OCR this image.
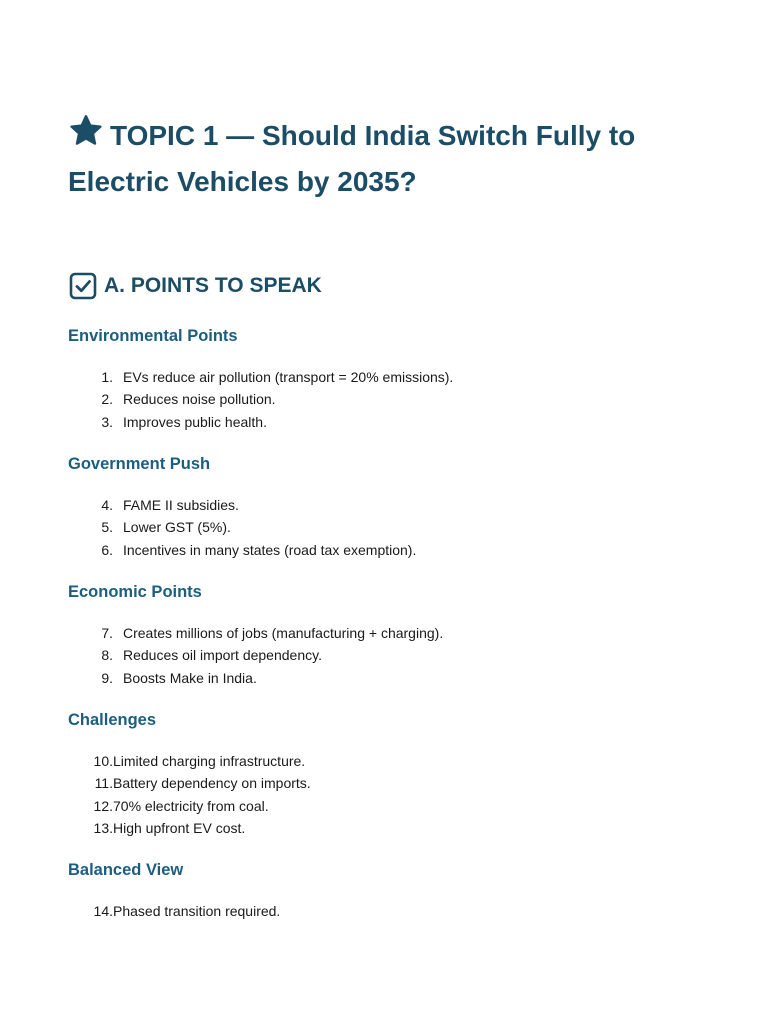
TOPIC 1 — Should India Switch Fully to Electric Vehicles by 2035?
A. POINTS TO SPEAK
Environmental Points
1. EVs reduce air pollution (transport = 20% emissions).
2. Reduces noise pollution.
3. Improves public health.
Government Push
4. FAME II subsidies.
5. Lower GST (5%).
6. Incentives in many states (road tax exemption).
Economic Points
7. Creates millions of jobs (manufacturing + charging).
8. Reduces oil import dependency.
9. Boosts Make in India.
Challenges
10. Limited charging infrastructure.
11. Battery dependency on imports.
12. 70% electricity from coal.
13. High upfront EV cost.
Balanced View
14. Phased transition required.
